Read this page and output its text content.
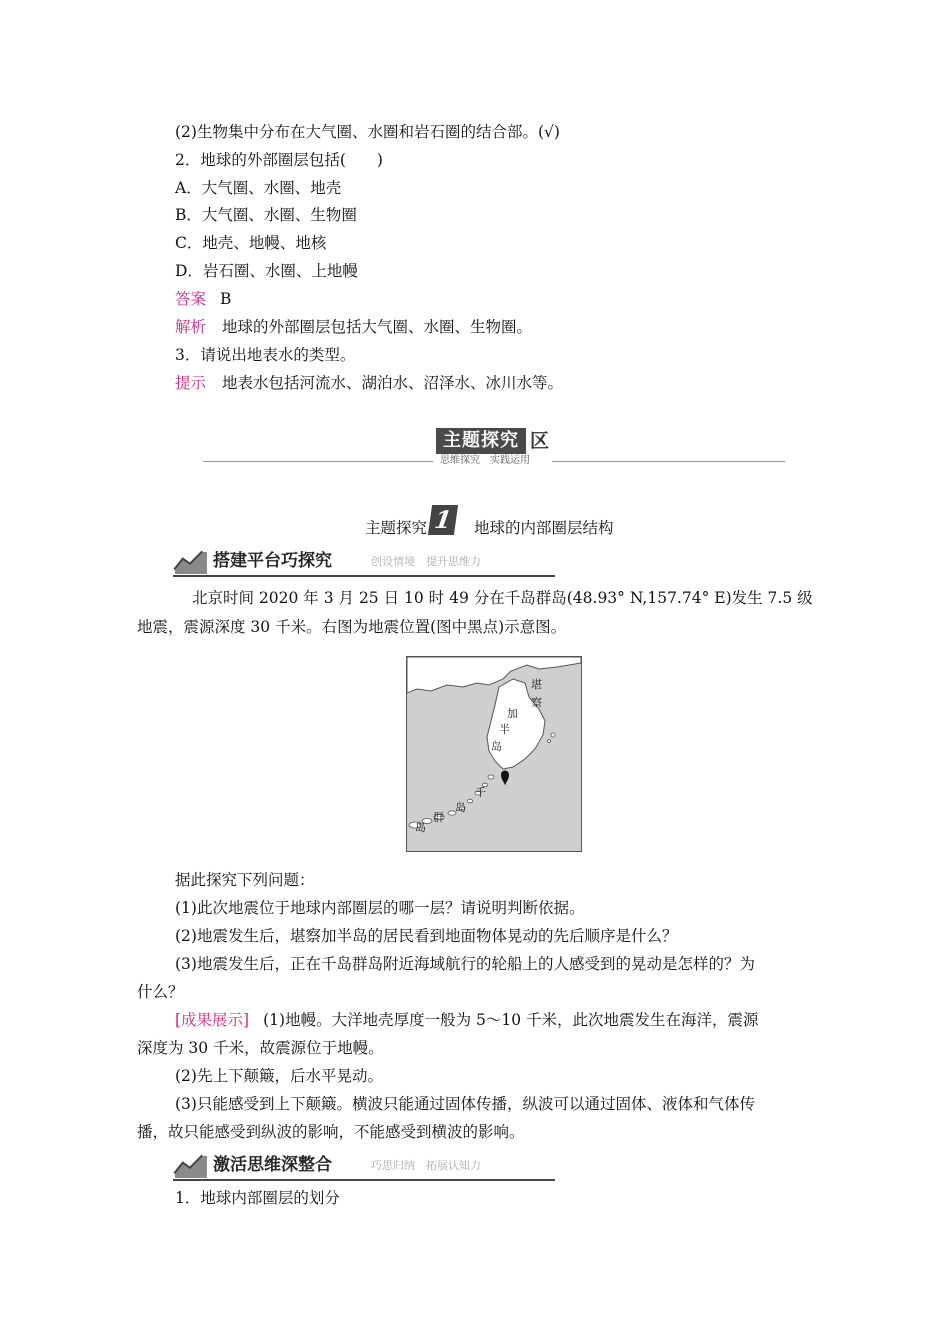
(2)生物集中分布在大气圈、水圈和岩石圈的结合部。(√)
2．地球的外部圈层包括(　　)
A．大气圈、水圈、地壳
B．大气圈、水圈、生物圈
C．地壳、地幔、地核
D．岩石圈、水圈、上地幔
答案 B
解析 地球的外部圈层包括大气圈、水圈、生物圈。
3．请说出地表水的类型。
提示 地表水包括河流水、湖泊水、沼泽水、冰川水等。
主题探究 区
思维探究　实践运用
主题探究 1	地球的内部圈层结构
搭建平台巧探究	创设情境　提升思维力
北京时间 2020 年 3 月 25 日 10 时 49 分在千岛群岛(48.93° N,157.74° E)发生 7.5 级
地震，震源深度 30 千米。右图为地震位置(图中黑点)示意图。
堪
察
加
半
岛
千
岛
群
岛
据此探究下列问题：
(1)此次地震位于地球内部圈层的哪一层？请说明判断依据。
(2)地震发生后，堪察加半岛的居民看到地面物体晃动的先后顺序是什么？
(3)地震发生后，正在千岛群岛附近海域航行的轮船上的人感受到的晃动是怎样的？为
什么？
[成果展示] (1)地幔。大洋地壳厚度一般为 5～10 千米，此次地震发生在海洋，震源
深度为 30 千米，故震源位于地幔。
(2)先上下颠簸，后水平晃动。
(3)只能感受到上下颠簸。横波只能通过固体传播，纵波可以通过固体、液体和气体传
播，故只能感受到纵波的影响，不能感受到横波的影响。
激活思维深整合	巧思归纳　拓展认知力
1．地球内部圈层的划分
